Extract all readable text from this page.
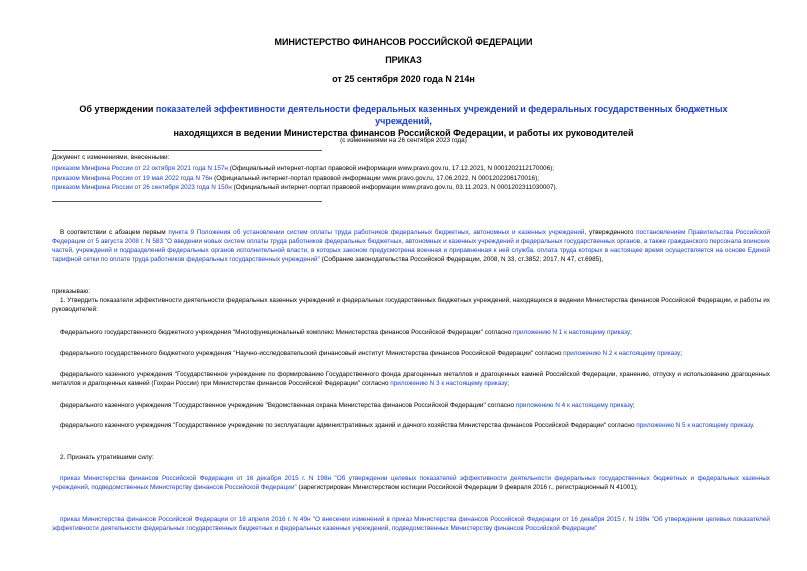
МИНИСТЕРСТВО ФИНАНСОВ РОССИЙСКОЙ ФЕДЕРАЦИИ
ПРИКАЗ
от 25 сентября 2020 года N 214н
Об утверждении показателей эффективности деятельности федеральных казенных учреждений и федеральных государственных бюджетных учреждений,
находящихся в ведении Министерства финансов Российской Федерации, и работы их руководителей
(с изменениями на 26 сентября 2023 года)
Документ с изменениями, внесенными:
приказом Минфина России от 22 октября 2021 года N 157н (Официальный интернет-портал правовой информации www.pravo.gov.ru, 17.12.2021, N 0001202112170006);
приказом Минфина России от 19 мая 2022 года N 76н (Официальный интернет-портал правовой информации www.pravo.gov.ru, 17.06.2022, N 0001202206170016);
приказом Минфина России от 26 сентября 2023 года N 150н (Официальный интернет-портал правовой информации www.pravo.gov.ru, 03.11.2023, N 0001202311030007).
В соответствии с абзацем первым пункта 9 Положения об установлении систем оплаты труда работников федеральных бюджетных, автономных и казенных учреждений, утвержденного постановлением Правительства Российской Федерации от 5 августа 2008 г. N 583 "О введении новых систем оплаты труда работников федеральных бюджетных, автономных и казенных учреждений и федеральных государственных органов, а также гражданского персонала воинских частей, учреждений и подразделений федеральных органов исполнительной власти, в которых законом предусмотрена военная и приравненная к ней служба, оплата труда которых в настоящее время осуществляется на основе Единой тарифной сетки по оплате труда работников федеральных государственных учреждений" (Собрание законодательства Российской Федерации, 2008, N 33, ст.3852; 2017, N 47, ст.6985),
приказываю:
1. Утвердить показатели эффективности деятельности федеральных казенных учреждений и федеральных государственных бюджетных учреждений, находящихся в ведении Министерства финансов Российской Федерации, и работы их руководителей:
Федерального государственного бюджетного учреждения "Многофункциональный комплекс Министерства финансов Российской Федерации" согласно приложению N 1 к настоящему приказу;
федерального государственного бюджетного учреждения "Научно-исследовательский финансовый институт Министерства финансов Российской Федерации" согласно приложению N 2 к настоящему приказу;
федерального казенного учреждения "Государственное учреждение по формированию Государственного фонда драгоценных металлов и драгоценных камней Российской Федерации, хранению, отпуску и использованию драгоценных металлов и драгоценных камней (Гохран России) при Министерстве финансов Российской Федерации" согласно приложению N 3 к настоящему приказу;
федерального казенного учреждения "Государственное учреждение "Ведомственная охрана Министерства финансов Российской Федерации" согласно приложению N 4 к настоящему приказу;
федерального казенного учреждения "Государственное учреждение по эксплуатации административных зданий и дачного хозяйства Министерства финансов Российской Федерации" согласно приложению N 5 к настоящему приказу.
2. Признать утратившими силу:
приказ Министерства финансов Российской Федерации от 16 декабря 2015 г. N 198н "Об утверждении целевых показателей эффективности деятельности федеральных государственных бюджетных и федеральных казенных учреждений, подведомственных Министерству финансов Российской Федерации" (зарегистрирован Министерством юстиции Российской Федерации 9 февраля 2016 г., регистрационный N 41001);
приказ Министерства финансов Российской Федерации от 18 апреля 2016 г. N 49н "О внесении изменений в приказ Министерства финансов Российской Федерации от 16 декабря 2015 г. N 198н "Об утверждении целевых показателей эффективности деятельности федеральных государственных бюджетных и федеральных казенных учреждений, подведомственных Министерству финансов Российской Федерации"
